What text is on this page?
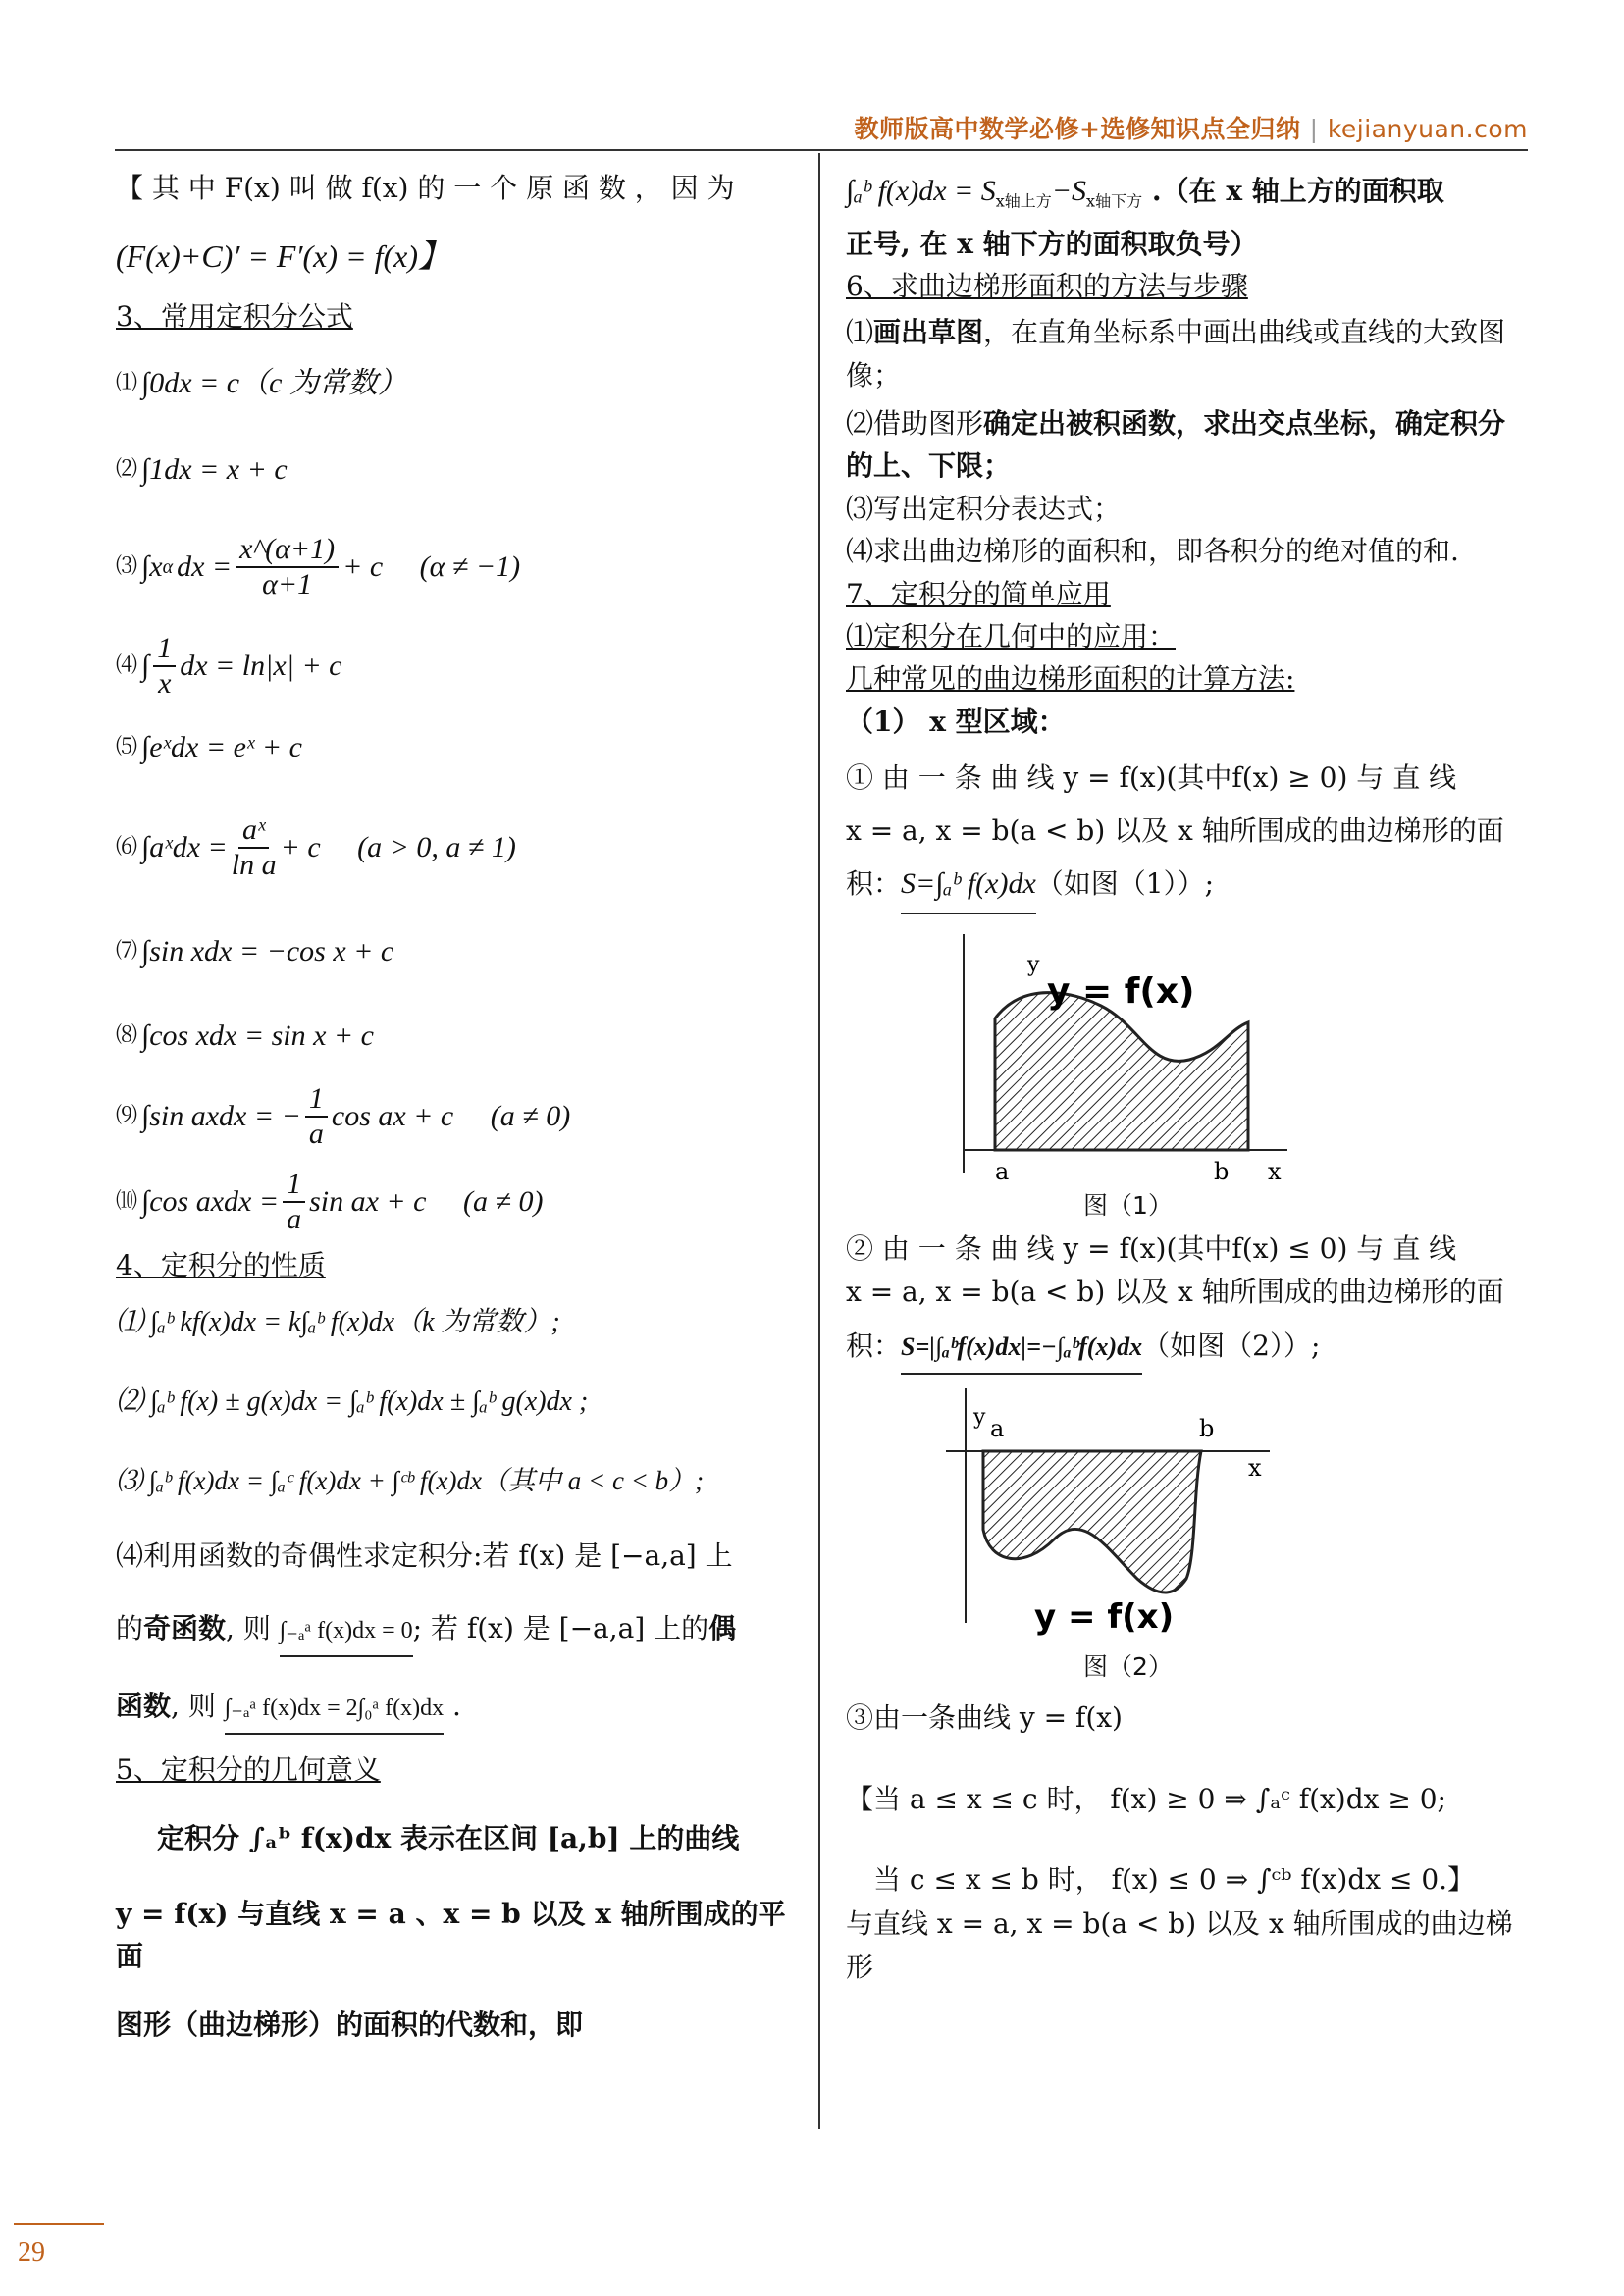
教师版高中数学必修+选修知识点全归纳 | kejianyuan.com

【 其 中 F(x) 叫 做 f(x) 的 一 个 原 函 数 ， 因 为

(F(x)+C)′ = F′(x) = f(x)】

3、常用定积分公式

⑴ ∫0dx = c（c 为常数）
⑵ ∫1dx = x + c
⑶ ∫x α dx = $\frac{x\^{}(\alpha+1)}{\alpha+1} + c$　 (α ≠ −1)
⑷ ∫ $\frac{1}{x}$ dx = ln|x| + c
⑸ ∫eˣdx = eˣ + c
⑹ ∫aˣdx = $\frac{\text{aˣ}}{\text{ln a}} + c$　 (a > 0, a ≠ 1)
⑺ ∫sin xdx = −cos x + c
⑻ ∫cos xdx = sin x + c
⑼ ∫sin axdx = − $\frac{1}{a}$ cos ax + c　 (a ≠ 0)
⑽ ∫cos axdx = $\frac{1}{a}$ sin ax + c　 (a ≠ 0)

4、定积分的性质

⑴ ∫ₐᵇ kf(x)dx = k∫ₐᵇ f(x)dx（k 为常数）;

⑵ ∫ₐᵇ f(x) ± g(x)dx = ∫ₐᵇ f(x)dx ± ∫ₐᵇ g(x)dx ;

⑶ ∫ₐᵇ f(x)dx = ∫ₐᶜ f(x)dx + ∫ᶜᵇ f(x)dx（其中 a < c < b）;

⑷利用函数的奇偶性求定积分:若 f(x) 是 [−a,a] 上

的奇函数, 则 ∫₋ₐᵃ f(x)dx = 0; 若 f(x) 是 [−a,a] 上的偶

函数, 则 ∫₋ₐᵃ f(x)dx = 2∫₀ᵃ f(x)dx .

5、定积分的几何意义

定积分 ∫ₐᵇ f(x)dx 表示在区间 [a,b] 上的曲线

y = f(x) 与直线 x = a 、x = b 以及 x 轴所围成的平面

图形（曲边梯形）的面积的代数和，即

∫ₐᵇ $f(x)dx = S_{x轴上方}-S_{x轴下方}$ .（在 x 轴上方的面积取

正号, 在 x 轴下方的面积取负号）

6、求曲边梯形面积的方法与步骤

⑴画出草图，在直角坐标系中画出曲线或直线的大致图像；

⑵借助图形确定出被积函数，求出交点坐标，确定积分的上、下限；

⑶写出定积分表达式；

⑷求出曲边梯形的面积和，即各积分的绝对值的和.

7、定积分的简单应用

⑴定积分在几何中的应用：

几种常见的曲边梯形面积的计算方法:

（1） x 型区域：

① 由 一 条 曲 线 y = f(x)(其中f(x) ≥ 0) 与 直 线

x = a, x = b(a < b) 以及 x 轴所围成的曲边梯形的面

积：S=∫ₐᵇ f(x)dx（如图（1））;

y
y = f(x)
a	b x

图（1）

② 由 一 条 曲 线 y = f(x)(其中f(x) ≤ 0) 与 直 线

x = a, x = b(a < b) 以及 x 轴所围成的曲边梯形的面

积：S=|∫ₐᵇf(x)dx|=−∫ₐᵇf(x)dx（如图（2））;

y a	b
x
y = f(x)

图（2）

③由一条曲线 y = f(x)

【当 a ≤ x ≤ c 时， f(x) ≥ 0 ⇒ ∫ₐᶜ f(x)dx ≥ 0;

当 c ≤ x ≤ b 时， f(x) ≤ 0 ⇒ ∫ᶜᵇ f(x)dx ≤ 0.】

与直线 x = a, x = b(a < b) 以及 x 轴所围成的曲边梯形

29
